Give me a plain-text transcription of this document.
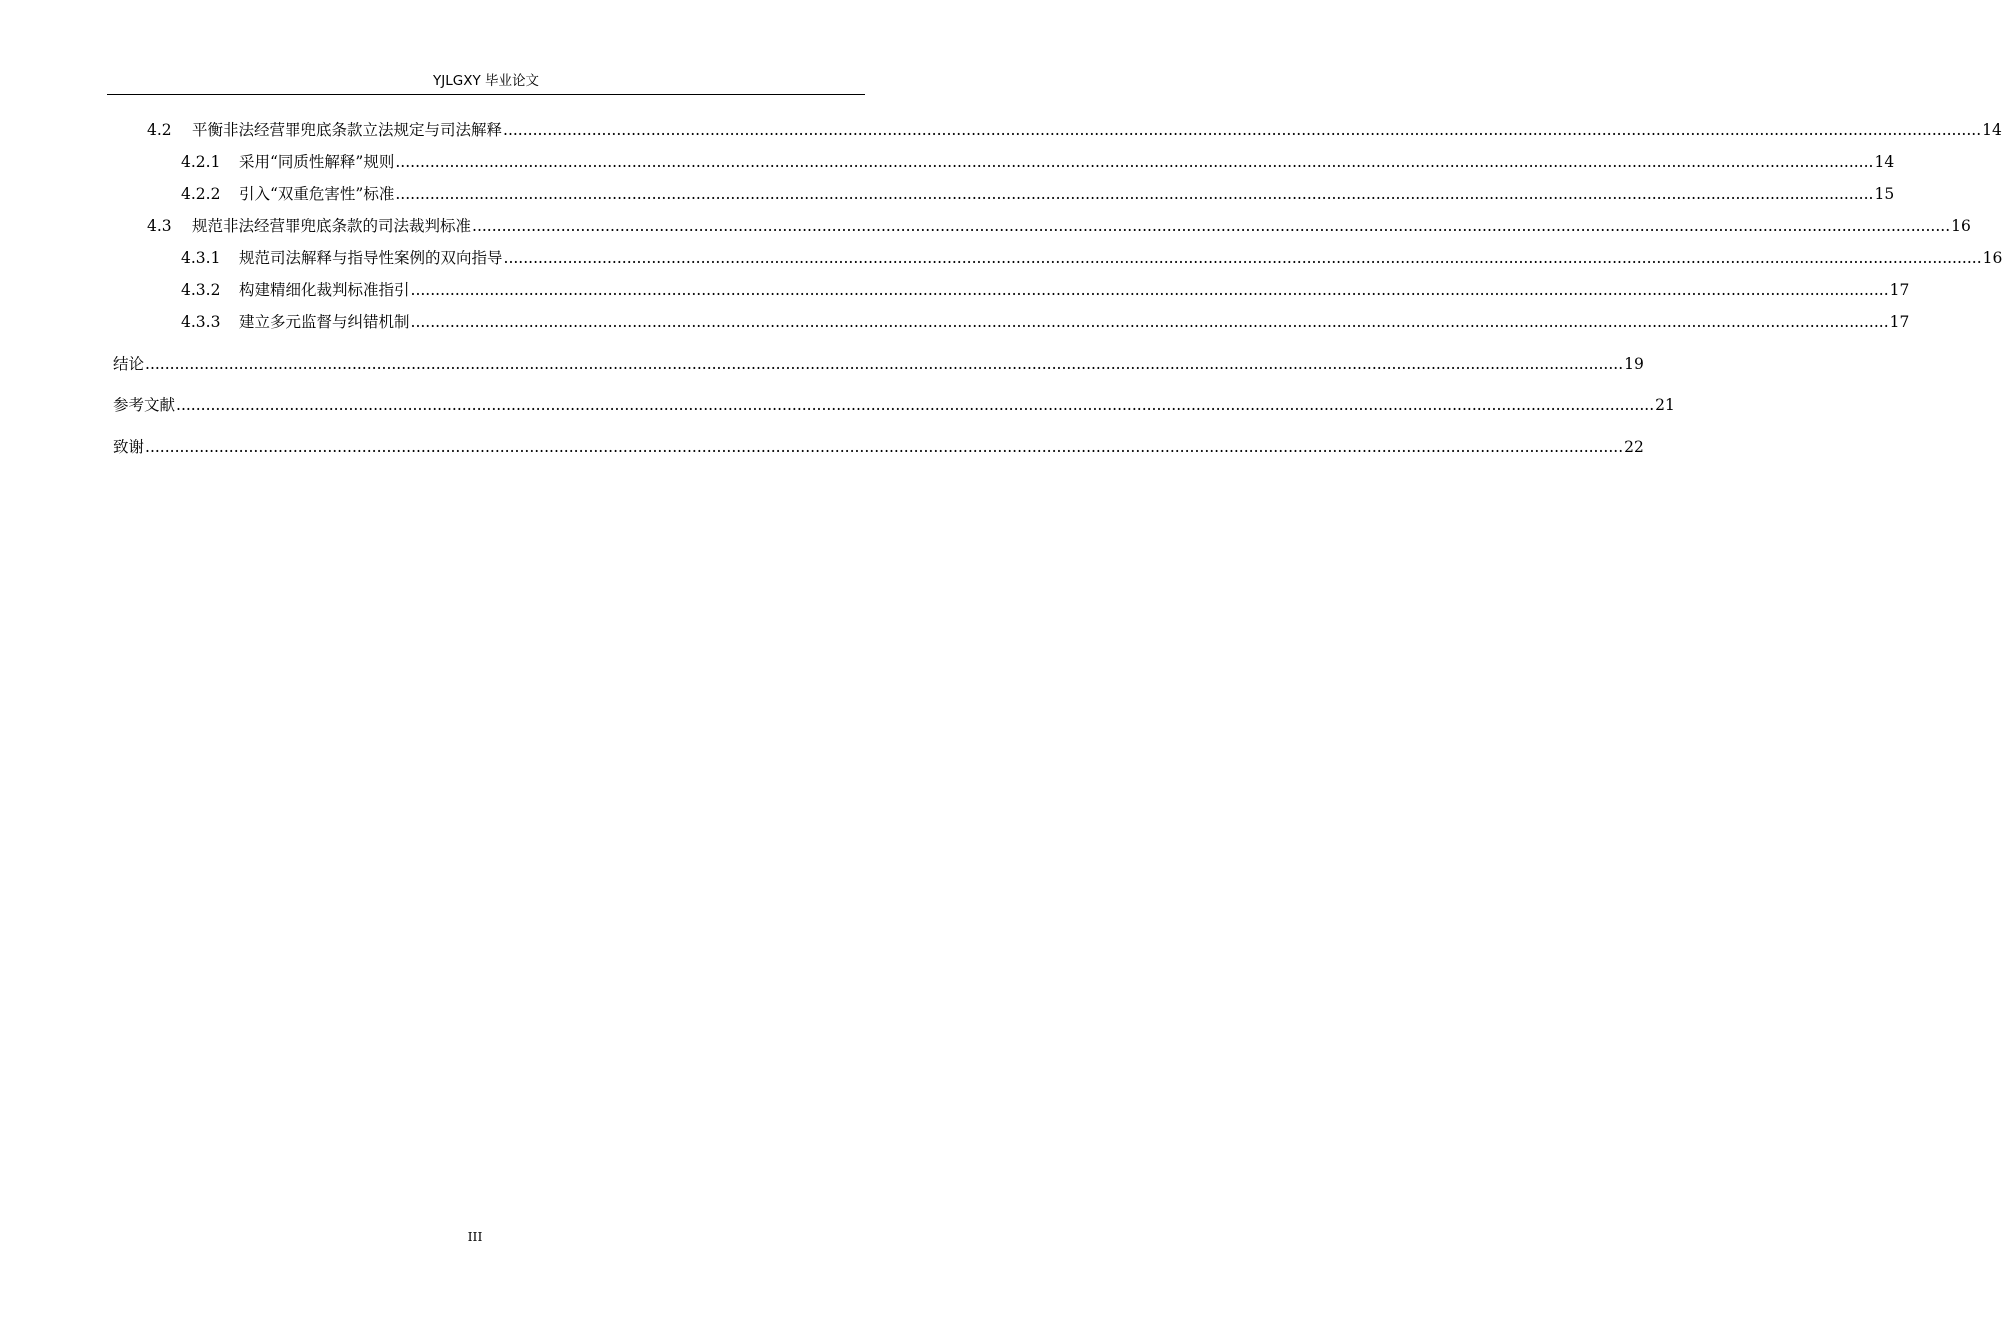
YJLGXY 毕业论文
4.2	平衡非法经营罪兜底条款立法规定与司法解释 ............................................................................................................................................................................................................................................................................................................ 14
4.2.1	采用“同质性解释”规则 ............................................................................................................................................................................................................................................................................................................ 14
4.2.2	引入“双重危害性”标准 ............................................................................................................................................................................................................................................................................................................ 15
4.3	规范非法经营罪兜底条款的司法裁判标准 ............................................................................................................................................................................................................................................................................................................ 16
4.3.1	规范司法解释与指导性案例的双向指导 ............................................................................................................................................................................................................................................................................................................ 16
4.3.2	构建精细化裁判标准指引 ............................................................................................................................................................................................................................................................................................................ 17
4.3.3	建立多元监督与纠错机制 ............................................................................................................................................................................................................................................................................................................ 17
结论 ............................................................................................................................................................................................................................................................................................................ 19
参考文献 ............................................................................................................................................................................................................................................................................................................ 21
致谢 ............................................................................................................................................................................................................................................................................................................ 22
III
